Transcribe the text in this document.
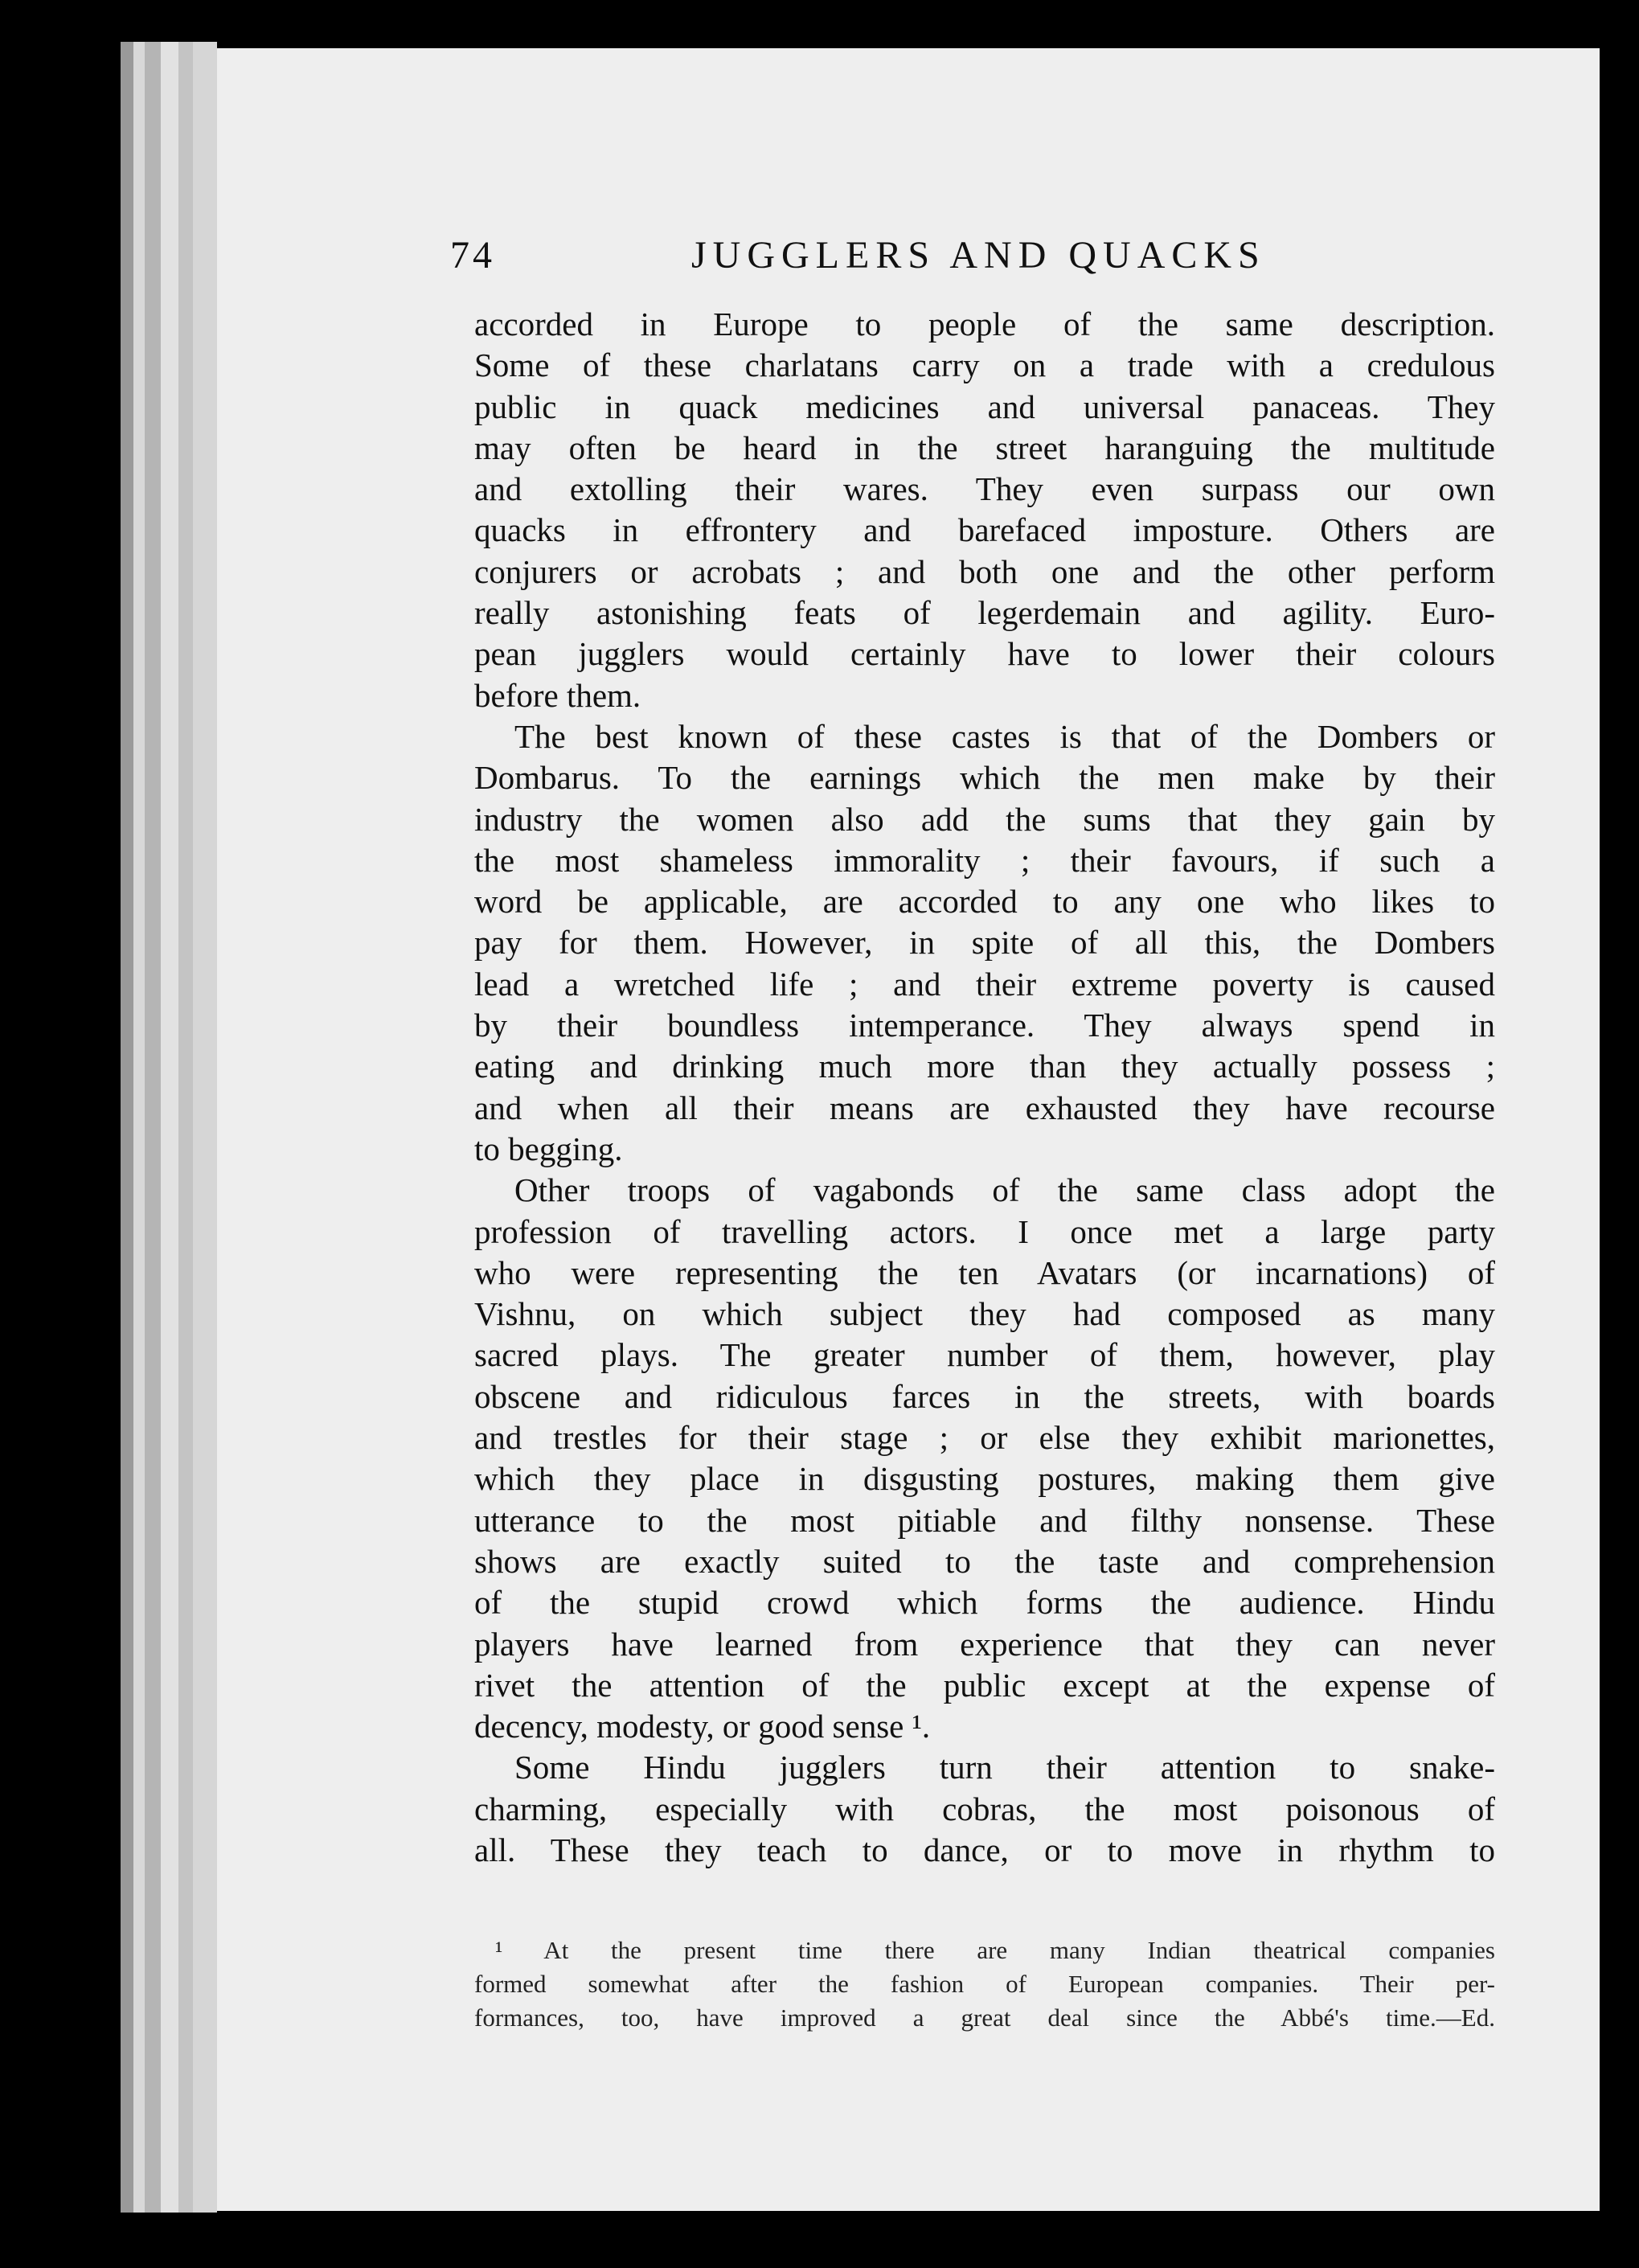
74	JUGGLERS AND QUACKS
accorded in Europe to people of the same description.
Some of these charlatans carry on a trade with a credulous
public in quack medicines and universal panaceas. They
may often be heard in the street haranguing the multitude
and extolling their wares. They even surpass our own
quacks in effrontery and barefaced imposture. Others are
conjurers or acrobats ; and both one and the other perform
really astonishing feats of legerdemain and agility. Euro-
pean jugglers would certainly have to lower their colours
before them.
The best known of these castes is that of the Dombers or
Dombarus. To the earnings which the men make by their
industry the women also add the sums that they gain by
the most shameless immorality ; their favours, if such a
word be applicable, are accorded to any one who likes to
pay for them. However, in spite of all this, the Dombers
lead a wretched life ; and their extreme poverty is caused
by their boundless intemperance. They always spend in
eating and drinking much more than they actually possess ;
and when all their means are exhausted they have recourse
to begging.
Other troops of vagabonds of the same class adopt the
profession of travelling actors. I once met a large party
who were representing the ten Avatars (or incarnations) of
Vishnu, on which subject they had composed as many
sacred plays. The greater number of them, however, play
obscene and ridiculous farces in the streets, with boards
and trestles for their stage ; or else they exhibit marionettes,
which they place in disgusting postures, making them give
utterance to the most pitiable and filthy nonsense. These
shows are exactly suited to the taste and comprehension
of the stupid crowd which forms the audience. Hindu
players have learned from experience that they can never
rivet the attention of the public except at the expense of
decency, modesty, or good sense ¹.
Some Hindu jugglers turn their attention to snake-
charming, especially with cobras, the most poisonous of
all. These they teach to dance, or to move in rhythm to
¹ At the present time there are many Indian theatrical companies
formed somewhat after the fashion of European companies. Their per-
formances, too, have improved a great deal since the Abbé's time.—Ed.
